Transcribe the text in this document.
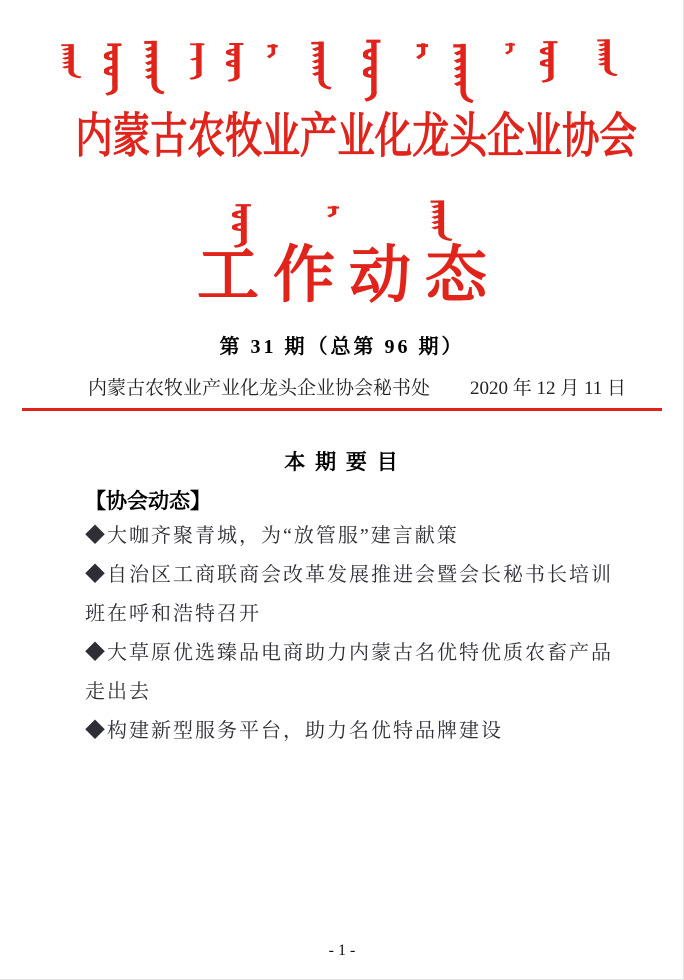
内蒙古农牧业产业化龙头企业协会
工作动态
第 31 期（总第 96 期）
内蒙古农牧业产业化龙头企业协会秘书处 2020 年 12 月 11 日
本 期 要 目
【协会动态】

◆大咖齐聚青城，为“放管服”建言献策

◆自治区工商联商会改革发展推进会暨会长秘书长培训

班在呼和浩特召开

◆大草原优选臻品电商助力内蒙古名优特优质农畜产品

走出去

◆构建新型服务平台，助力名优特品牌建设

- 1 -
